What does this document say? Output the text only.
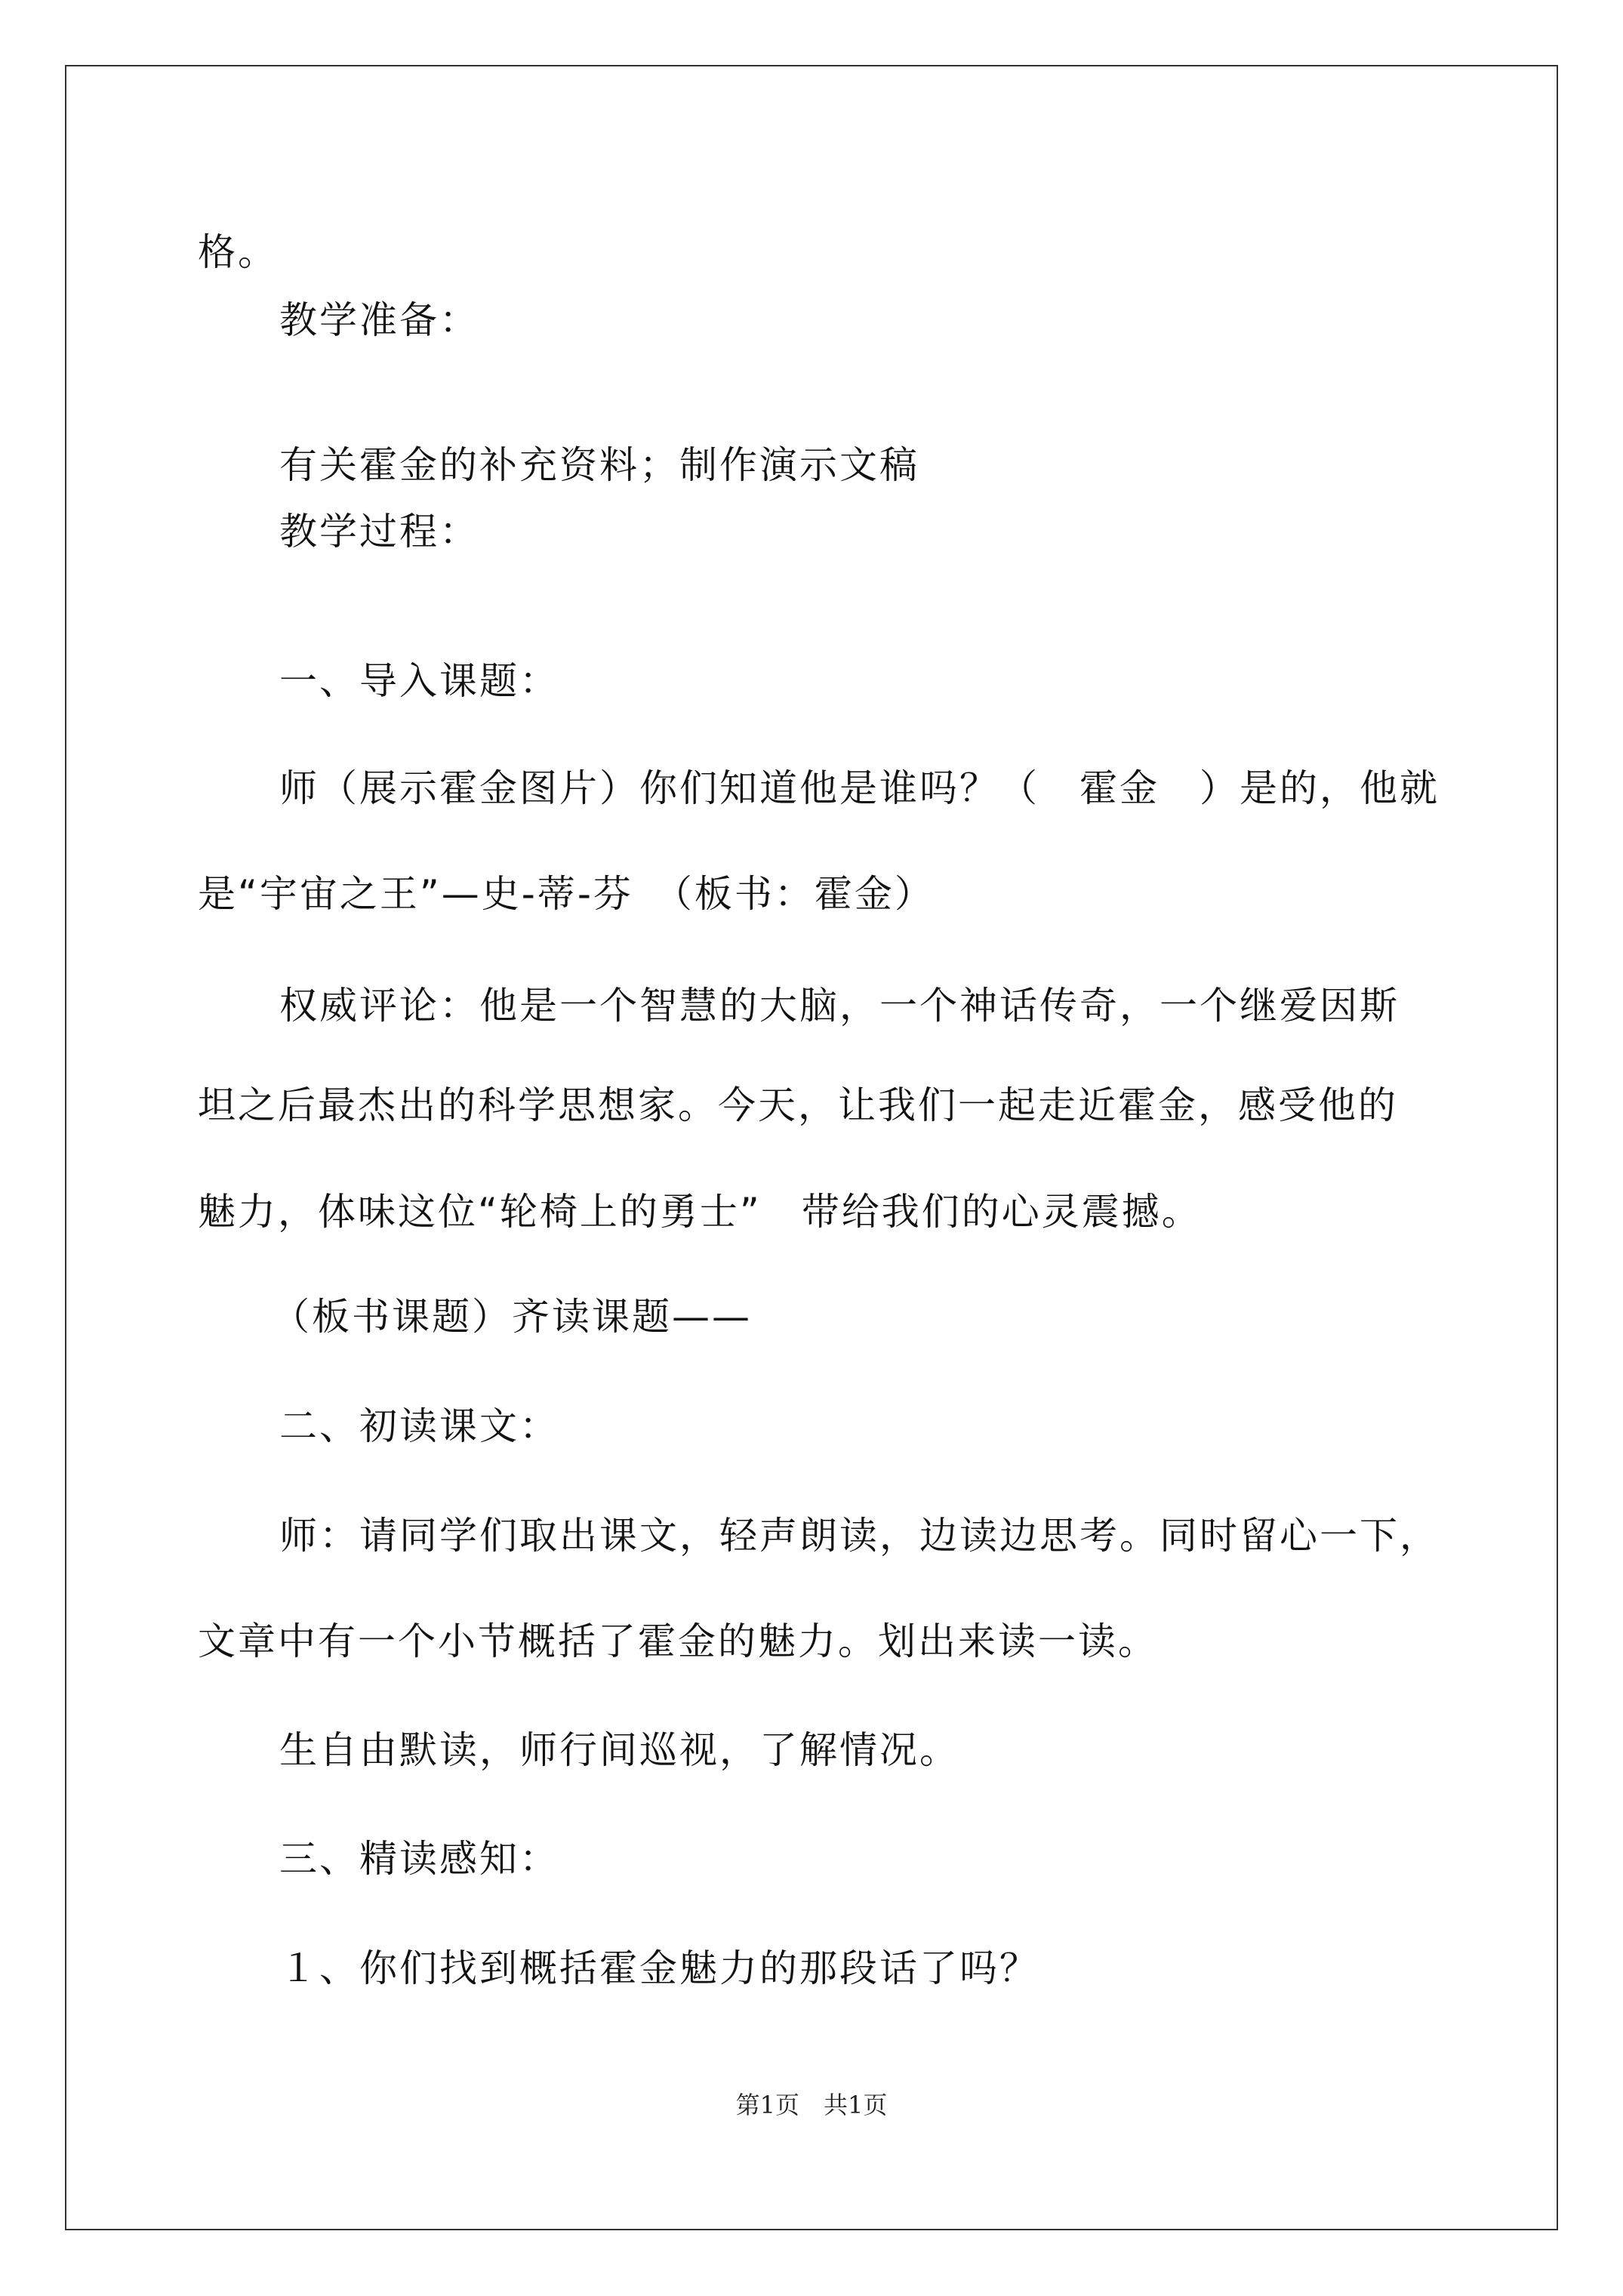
格。
教学准备：
有关霍金的补充资料；制作演示文稿
教学过程：
一、导入课题：
师（展示霍金图片）你们知道他是谁吗？（　霍金　）是的，他就
是“宇宙之王”—史-蒂-芬　（板书：霍金）
权威评论：他是一个智慧的大脑，一个神话传奇，一个继爱因斯
坦之后最杰出的科学思想家。今天，让我们一起走近霍金，感受他的
魅力，体味这位“轮椅上的勇士”　带给我们的心灵震撼。
（板书课题）齐读课题——
二、初读课文：
师：请同学们取出课文，轻声朗读，边读边思考。同时留心一下，
文章中有一个小节概括了霍金的魅力。划出来读一读。
生自由默读，师行间巡视，了解情况。
三、精读感知：
１、你们找到概括霍金魅力的那段话了吗？
第1页　共1页
